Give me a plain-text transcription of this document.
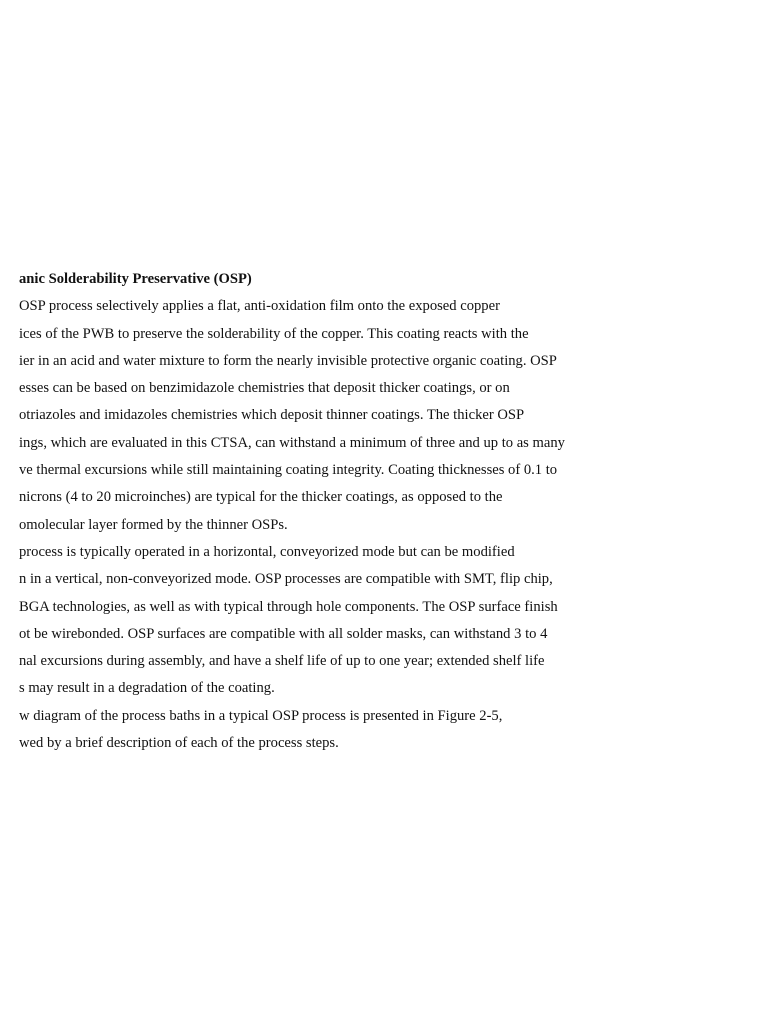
anic Solderability Preservative (OSP)
OSP process selectively applies a flat, anti-oxidation film onto the exposed copper
ices of the PWB to preserve the solderability of the copper. This coating reacts with the
ier in an acid and water mixture to form the nearly invisible protective organic coating. OSP
esses can be based on benzimidazole chemistries that deposit thicker coatings, or on
otriazoles and imidazoles chemistries which deposit thinner coatings. The thicker OSP
ings, which are evaluated in this CTSA, can withstand a minimum of three and up to as many
ve thermal excursions while still maintaining coating integrity. Coating thicknesses of 0.1 to
nicrons (4 to 20 microinches) are typical for the thicker coatings, as opposed to the
omolecular layer formed by the thinner OSPs.
process is typically operated in a horizontal, conveyorized mode but can be modified
n in a vertical, non-conveyorized mode. OSP processes are compatible with SMT, flip chip,
BGA technologies, as well as with typical through hole components. The OSP surface finish
ot be wirebonded. OSP surfaces are compatible with all solder masks, can withstand 3 to 4
nal excursions during assembly, and have a shelf life of up to one year; extended shelf life
s may result in a degradation of the coating.
w diagram of the process baths in a typical OSP process is presented in Figure 2-5,
wed by a brief description of each of the process steps.
